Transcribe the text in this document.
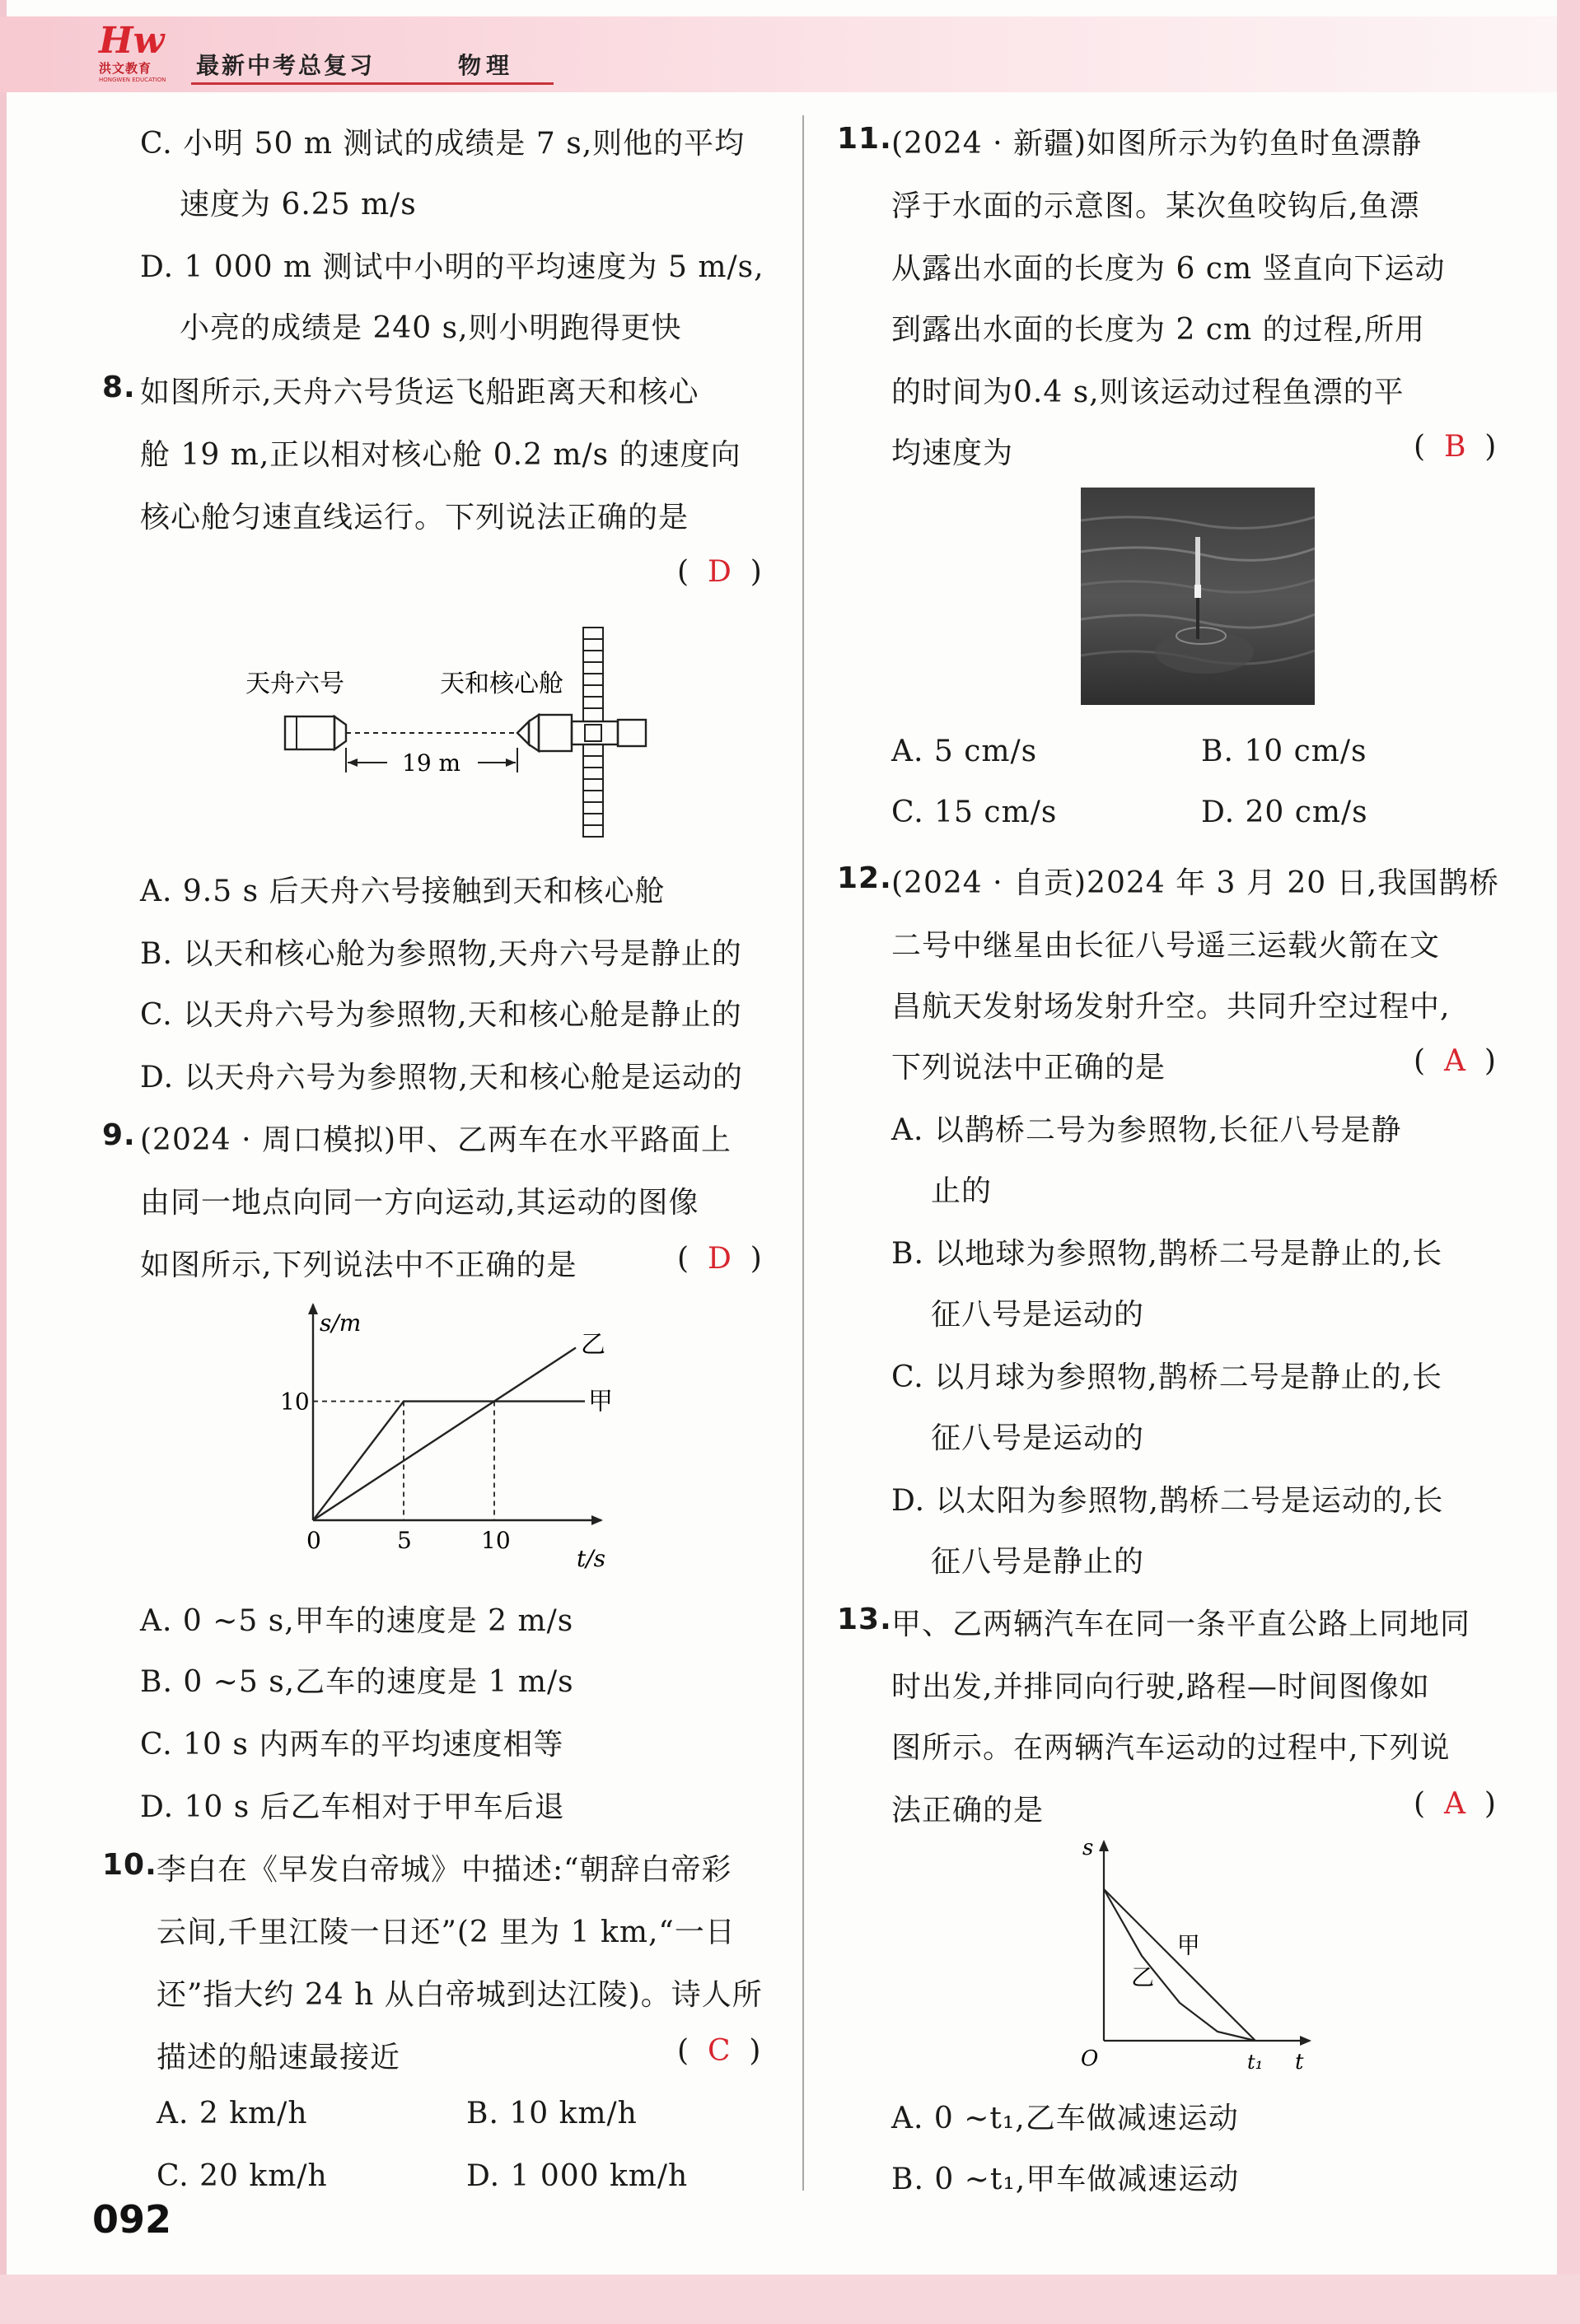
Hw
洪文教育
HONGWEN EDUCATION
最新中考总复习	物理
C. 小明 50 m 测试的成绩是 7 s,则他的平均
速度为 6.25 m/s
D. 1 000 m 测试中小明的平均速度为 5 m/s,
小亮的成绩是 240 s,则小明跑得更快
8. 如图所示,天舟六号货运飞船距离天和核心
舱 19 m,正以相对核心舱 0.2 m/s 的速度向
核心舱匀速直线运行。下列说法正确的是
(  D  )
天舟六号	天和核心舱
19 m
A. 9.5 s 后天舟六号接触到天和核心舱
B. 以天和核心舱为参照物,天舟六号是静止的
C. 以天舟六号为参照物,天和核心舱是静止的
D. 以天舟六号为参照物,天和核心舱是运动的
9. (2024 · 周口模拟)甲、乙两车在水平路面上
由同一地点向同一方向运动,其运动的图像
如图所示,下列说法中不正确的是	(  D  )
s/m
t/s
0	5	10
10	甲
乙
A. 0 ~5 s,甲车的速度是 2 m/s
B. 0 ~5 s,乙车的速度是 1 m/s
C. 10 s 内两车的平均速度相等
D. 10 s 后乙车相对于甲车后退
10. 李白在《早发白帝城》中描述:“朝辞白帝彩
云间,千里江陵一日还”(2 里为 1 km,“一日
还”指大约 24 h 从白帝城到达江陵)。诗人所
描述的船速最接近	(  C  )
A. 2 km/h	B. 10 km/h
C. 20 km/h	D. 1 000 km/h
092
11. (2024 · 新疆)如图所示为钓鱼时鱼漂静
浮于水面的示意图。某次鱼咬钩后,鱼漂
从露出水面的长度为 6 cm 竖直向下运动
到露出水面的长度为 2 cm 的过程,所用
的时间为0.4 s,则该运动过程鱼漂的平
均速度为	(  B  )
A. 5 cm/s	B. 10 cm/s
C. 15 cm/s	D. 20 cm/s
12. (2024 · 自贡)2024 年 3 月 20 日,我国鹊桥
二号中继星由长征八号遥三运载火箭在文
昌航天发射场发射升空。共同升空过程中,
下列说法中正确的是	(  A  )
A. 以鹊桥二号为参照物,长征八号是静
止的
B. 以地球为参照物,鹊桥二号是静止的,长
征八号是运动的
C. 以月球为参照物,鹊桥二号是静止的,长
征八号是运动的
D. 以太阳为参照物,鹊桥二号是运动的,长
征八号是静止的
13. 甲、乙两辆汽车在同一条平直公路上同地同
时出发,并排同向行驶,路程—时间图像如
图所示。在两辆汽车运动的过程中,下列说
法正确的是	(  A  )
s
t
O	t₁
甲
乙
A. 0 ~t₁,乙车做减速运动
B. 0 ~t₁,甲车做减速运动
